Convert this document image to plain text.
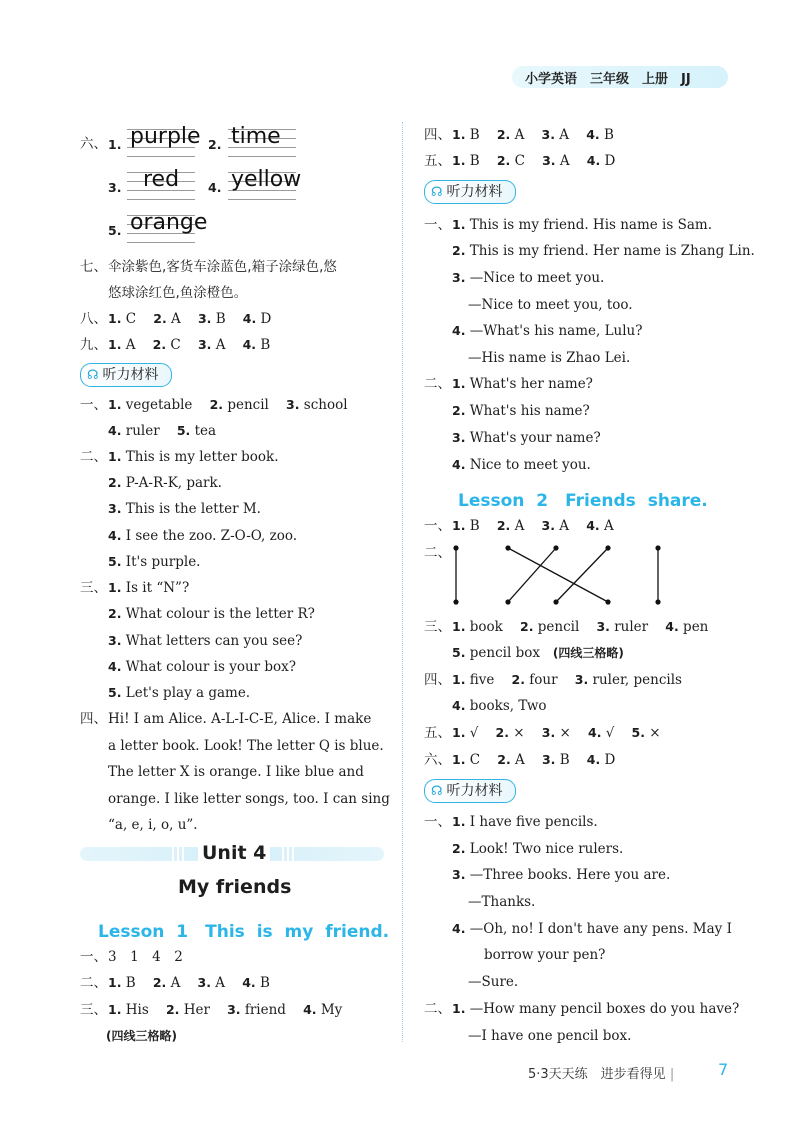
小学英语　三年级　上册　JJ
六、 1. purple 2. time
3. red 4. yellow
5. orange
七、 伞涂紫色,客货车涂蓝色,箱子涂绿色,悠
悠球涂红色,鱼涂橙色。
八、 1. C 2. A 3. B 4. D
九、 1. A 2. C 3. A 4. B
☊ 听力材料
一、 1. vegetable 2. pencil 3. school
4. ruler 5. tea
二、 1. This is my letter book.
2. P-A-R-K, park.
3. This is the letter M.
4. I see the zoo. Z-O-O, zoo.
5. It's purple.
三、 1. Is it “N”?
2. What colour is the letter R?
3. What letters can you see?
4. What colour is your box?
5. Let's play a game.
四、 Hi! I am Alice. A-L-I-C-E, Alice. I make
a letter book. Look! The letter Q is blue.
The letter X is orange. I like blue and
orange. I like letter songs, too. I can sing
“a, e, i, o, u”.
Unit 4
My friends
Lesson 1　This is my friend.
一、 3　1　4　2
二、 1. B 2. A 3. A 4. B
三、 1. His 2. Her 3. friend 4. My
(四线三格略)
四、 1. B 2. A 3. A 4. B
五、 1. B 2. C 3. A 4. D
☊ 听力材料
一、 1. This is my friend. His name is Sam.
2. This is my friend. Her name is Zhang Lin.
3. —Nice to meet you.
—Nice to meet you, too.
4. —What's his name, Lulu?
—His name is Zhao Lei.
二、 1. What's her name?
2. What's his name?
3. What's your name?
4. Nice to meet you.
Lesson 2　Friends share.
一、 1. B 2. A 3. A 4. A
二、
三、 1. book 2. pencil 3. ruler 4. pen
5. pencil box (四线三格略)
四、 1. five 2. four 3. ruler, pencils
4. books, Two
五、 1. √ 2. × 3. × 4. √ 5. ×
六、 1. C 2. A 3. B 4. D
☊ 听力材料
一、 1. I have five pencils.
2. Look! Two nice rulers.
3. —Three books. Here you are.
—Thanks.
4. —Oh, no! I don't have any pens. May I
borrow your pen?
—Sure.
二、 1. —How many pencil boxes do you have?
—I have one pencil box.
5·3天天练　进步看得见 |	7
